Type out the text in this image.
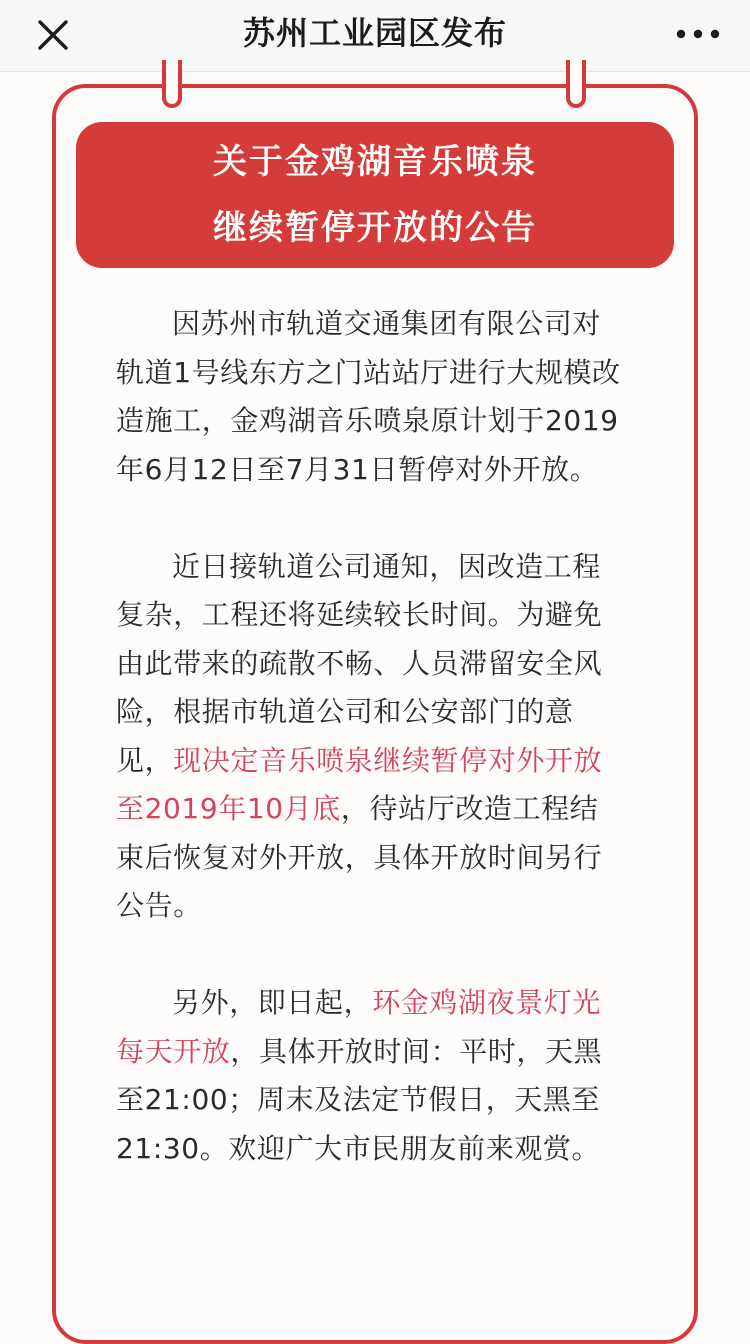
苏州工业园区发布
关于金鸡湖音乐喷泉
继续暂停开放的公告

因苏州市轨道交通集团有限公司对轨道1号线东方之门站站厅进行大规模改造施工，金鸡湖音乐喷泉原计划于2019年6月12日至7月31日暂停对外开放。

近日接轨道公司通知，因改造工程复杂，工程还将延续较长时间。为避免由此带来的疏散不畅、人员滞留安全风险，根据市轨道公司和公安部门的意见，现决定音乐喷泉继续暂停对外开放至2019年10月底，待站厅改造工程结束后恢复对外开放，具体开放时间另行公告。

另外，即日起，环金鸡湖夜景灯光每天开放，具体开放时间：平时，天黑至21:00；周末及法定节假日，天黑至21:30。欢迎广大市民朋友前来观赏。
